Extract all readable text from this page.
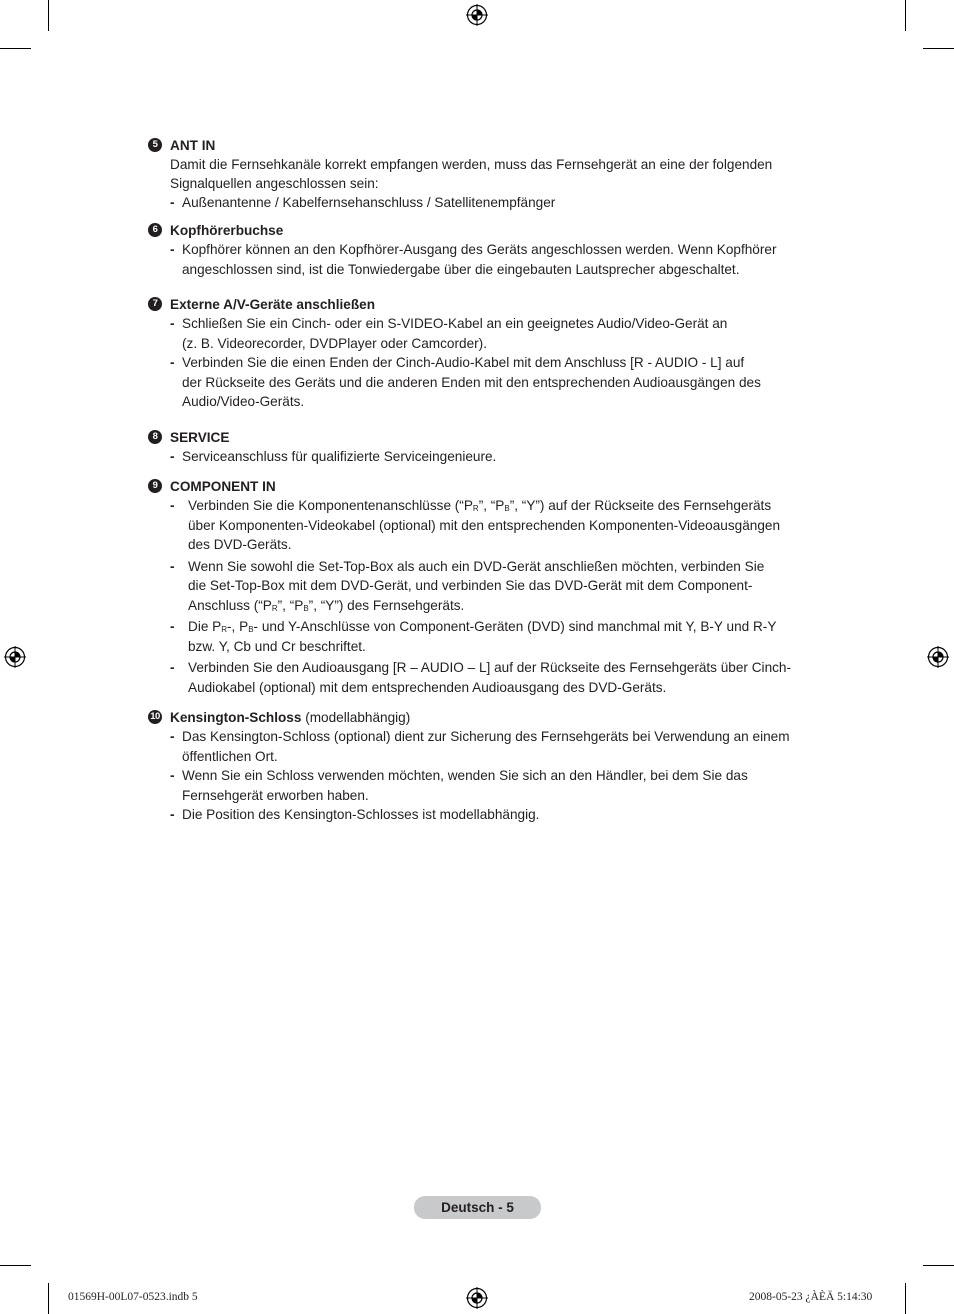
5 ANT IN
Damit die Fernsehkanäle korrekt empfangen werden, muss das Fernsehgerät an eine der folgenden
Signalquellen angeschlossen sein:
- Außenantenne / Kabelfernsehanschluss / Satellitenempfänger
6 Kopfhörerbuchse
- Kopfhörer können an den Kopfhörer-Ausgang des Geräts angeschlossen werden. Wenn Kopfhörer
angeschlossen sind, ist die Tonwiedergabe über die eingebauten Lautsprecher abgeschaltet.
7 Externe A/V-Geräte anschließen
- Schließen Sie ein Cinch- oder ein S-VIDEO-Kabel an ein geeignetes Audio/Video-Gerät an
(z. B. Videorecorder, DVDPlayer oder Camcorder).
- Verbinden Sie die einen Enden der Cinch-Audio-Kabel mit dem Anschluss [R - AUDIO - L] auf
der Rückseite des Geräts und die anderen Enden mit den entsprechenden Audioausgängen des
Audio/Video-Geräts.
8 SERVICE
- Serviceanschluss für qualifizierte Serviceingenieure.
9 COMPONENT IN
- Verbinden Sie die Komponentenanschlüsse (“$P_R$”, “$P_B$”, “Y”) auf der Rückseite des Fernsehgeräts
über Komponenten-Videokabel (optional) mit den entsprechenden Komponenten-Videoausgängen
des DVD-Geräts.
- Wenn Sie sowohl die Set-Top-Box als auch ein DVD-Gerät anschließen möchten, verbinden Sie
die Set-Top-Box mit dem DVD-Gerät, und verbinden Sie das DVD-Gerät mit dem Component-
Anschluss (“$P_R$”, “$P_B$”, “Y”) des Fernsehgeräts.
- Die $P_R-$, $P_B-$ und Y-Anschlüsse von Component-Geräten (DVD) sind manchmal mit Y, B-Y und R-Y
bzw. Y, Cb und Cr beschriftet.
- Verbinden Sie den Audioausgang [R – AUDIO – L] auf der Rückseite des Fernsehgeräts über Cinch-
Audiokabel (optional) mit dem entsprechenden Audioausgang des DVD-Geräts.
10 Kensington-Schloss (modellabhängig)
- Das Kensington-Schloss (optional) dient zur Sicherung des Fernsehgeräts bei Verwendung an einem
öffentlichen Ort.
- Wenn Sie ein Schloss verwenden möchten, wenden Sie sich an den Händler, bei dem Sie das
Fernsehgerät erworben haben.
- Die Position des Kensington-Schlosses ist modellabhängig.
Deutsch - 5
01569H-00L07-0523.indb 5	2008-05-23 ¿ÀÈÄ 5:14:30
